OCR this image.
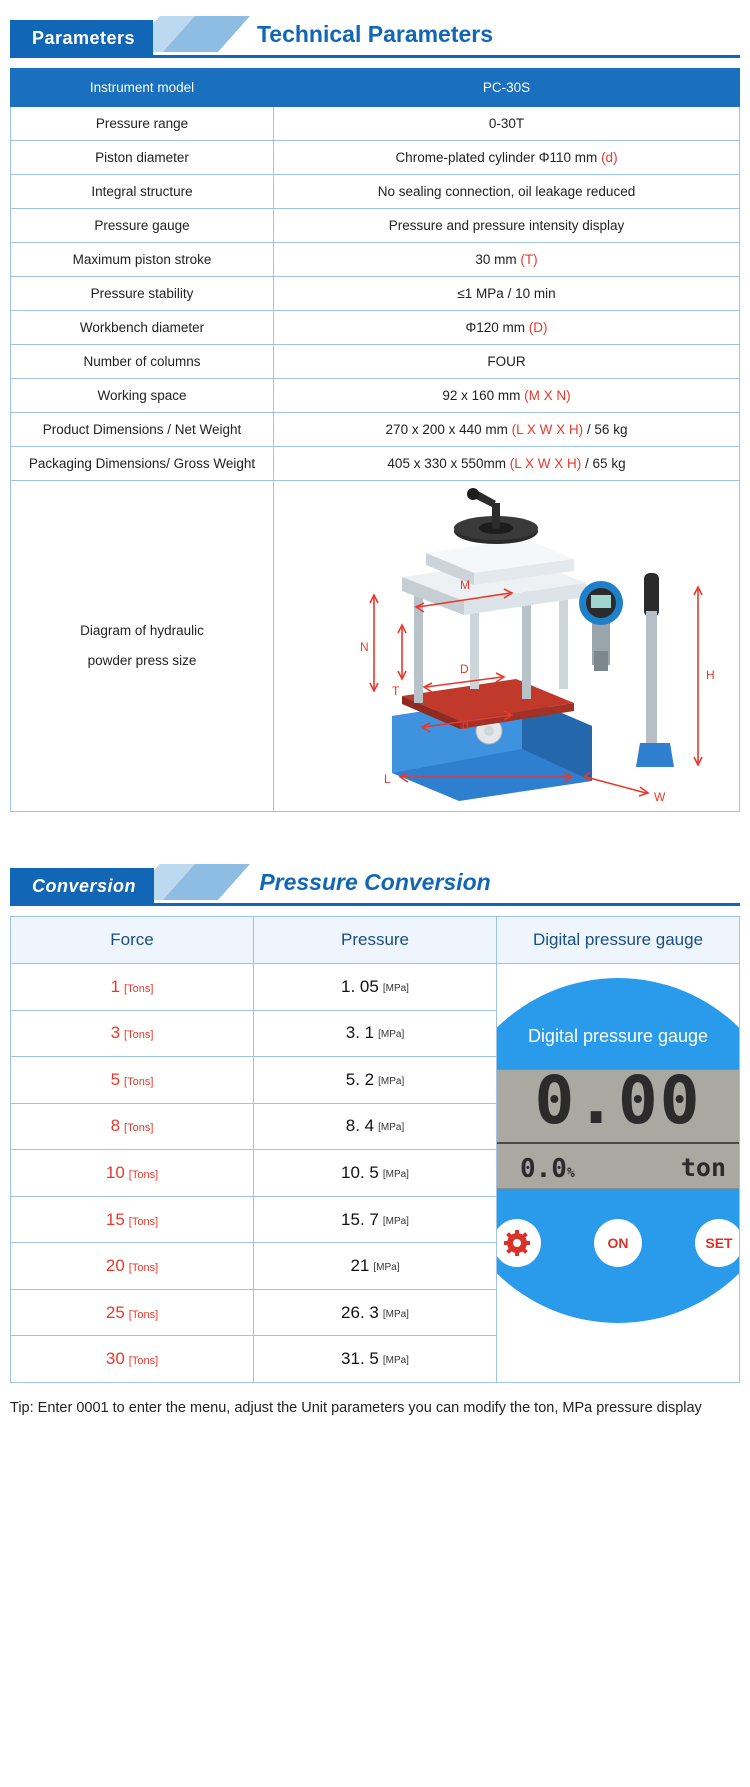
Parameters	Technical Parameters
Instrument model	PC-30S
Pressure range	0-30T
Piston diameter	Chrome-plated cylinder Φ110 mm (d)
Integral structure	No sealing connection, oil leakage reduced
Pressure gauge	Pressure and pressure intensity display
Maximum piston stroke	30 mm (T)
Pressure stability	≤1 MPa / 10 min
Workbench diameter	Φ120 mm (D)
Number of columns	FOUR
Working space	92 x 160 mm (M X N)
Product Dimensions / Net Weight	270 x 200 x 440 mm (L X W X H) / 56 kg
Packaging Dimensions/ Gross Weight	405 x 330 x 550mm (L X W X H) / 65 kg

Diagram of hydraulic
powder press size

H
N
T
M
D
d
L
W
Conversion	Pressure Conversion
Force	Pressure	Digital pressure gauge
1 [Tons]	1. 05 [MPa]	
Digital pressure gauge
0.00
0.0%	ton
ON	SET

3 [Tons]	3. 1 [MPa]	
5 [Tons]	5. 2 [MPa]	
8 [Tons]	8. 4 [MPa]	
10 [Tons]	10. 5 [MPa]	
15 [Tons]	15. 7 [MPa]	
20 [Tons]	21 [MPa]	
25 [Tons]	26. 3 [MPa]	
30 [Tons]	31. 5 [MPa]	
Tip: Enter 0001 to enter the menu, adjust the Unit parameters you can modify the ton, MPa pressure display
